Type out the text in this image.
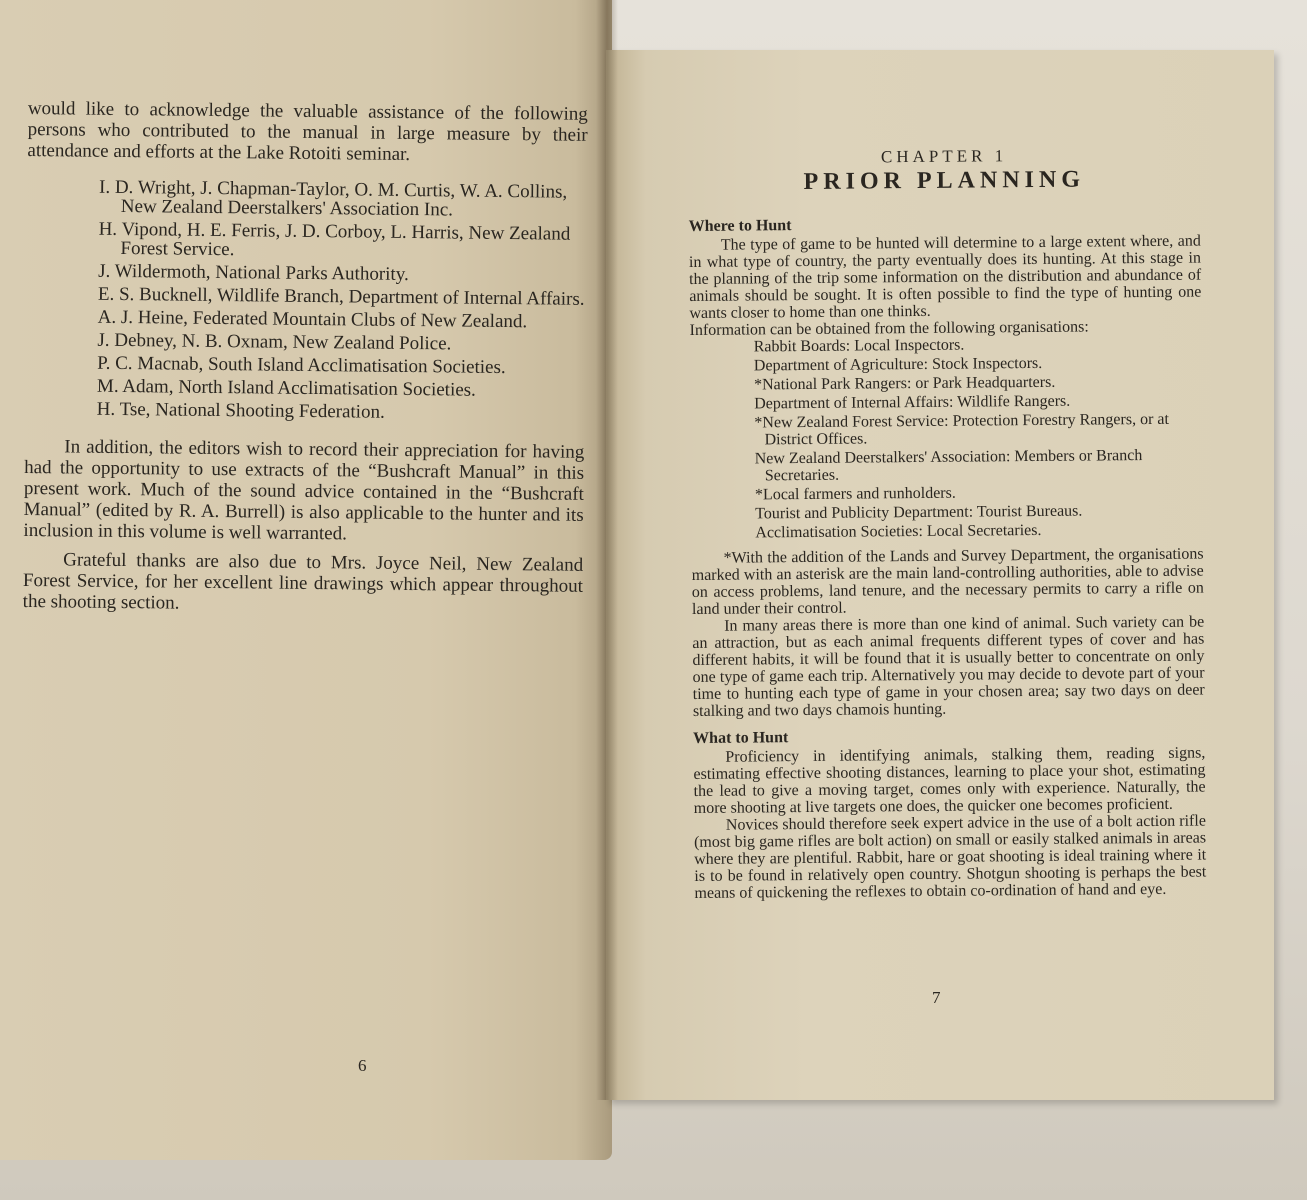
would like to acknowledge the valuable assistance of the following persons who contributed to the manual in large measure by their attendance and efforts at the Lake Rotoiti seminar.

I. D. Wright, J. Chapman-Taylor, O. M. Curtis, W. A. Collins, New Zealand Deerstalkers' Association Inc.
H. Vipond, H. E. Ferris, J. D. Corboy, L. Harris, New Zealand Forest Service.
J. Wildermoth, National Parks Authority.
E. S. Bucknell, Wildlife Branch, Department of Internal Affairs.
A. J. Heine, Federated Mountain Clubs of New Zealand.
J. Debney, N. B. Oxnam, New Zealand Police.
P. C. Macnab, South Island Acclimatisation Societies.
M. Adam, North Island Acclimatisation Societies.
H. Tse, National Shooting Federation.

In addition, the editors wish to record their appreciation for having had the opportunity to use extracts of the “Bushcraft Manual” in this present work. Much of the sound advice contained in the “Bushcraft Manual” (edited by R. A. Burrell) is also applicable to the hunter and its inclusion in this volume is well warranted.

Grateful thanks are also due to Mrs. Joyce Neil, New Zealand Forest Service, for her excellent line drawings which appear throughout the shooting section.

6
CHAPTER 1
PRIOR PLANNING
Where to Hunt

The type of game to be hunted will determine to a large extent where, and in what type of country, the party eventually does its hunting. At this stage in the planning of the trip some information on the distribution and abundance of animals should be sought. It is often possible to find the type of hunting one wants closer to home than one thinks.

Information can be obtained from the following organisations:

Rabbit Boards: Local Inspectors.
Department of Agriculture: Stock Inspectors.
*National Park Rangers: or Park Headquarters.
Department of Internal Affairs: Wildlife Rangers.
*New Zealand Forest Service: Protection Forestry Rangers, or at District Offices.
New Zealand Deerstalkers' Association: Members or Branch Secretaries.
*Local farmers and runholders.
Tourist and Publicity Department: Tourist Bureaus.
Acclimatisation Societies: Local Secretaries.

*With the addition of the Lands and Survey Department, the organisations marked with an asterisk are the main land-controlling authorities, able to advise on access problems, land tenure, and the necessary permits to carry a rifle on land under their control.

In many areas there is more than one kind of animal. Such variety can be an attraction, but as each animal frequents different types of cover and has different habits, it will be found that it is usually better to concentrate on only one type of game each trip. Alternatively you may decide to devote part of your time to hunting each type of game in your chosen area; say two days on deer stalking and two days chamois hunting.

What to Hunt

Proficiency in identifying animals, stalking them, reading signs, estimating effective shooting distances, learning to place your shot, estimating the lead to give a moving target, comes only with experience. Naturally, the more shooting at live targets one does, the quicker one becomes proficient.

Novices should therefore seek expert advice in the use of a bolt action rifle (most big game rifles are bolt action) on small or easily stalked animals in areas where they are plentiful. Rabbit, hare or goat shooting is ideal training where it is to be found in relatively open country. Shotgun shooting is perhaps the best means of quickening the reflexes to obtain co-ordination of hand and eye.

7
